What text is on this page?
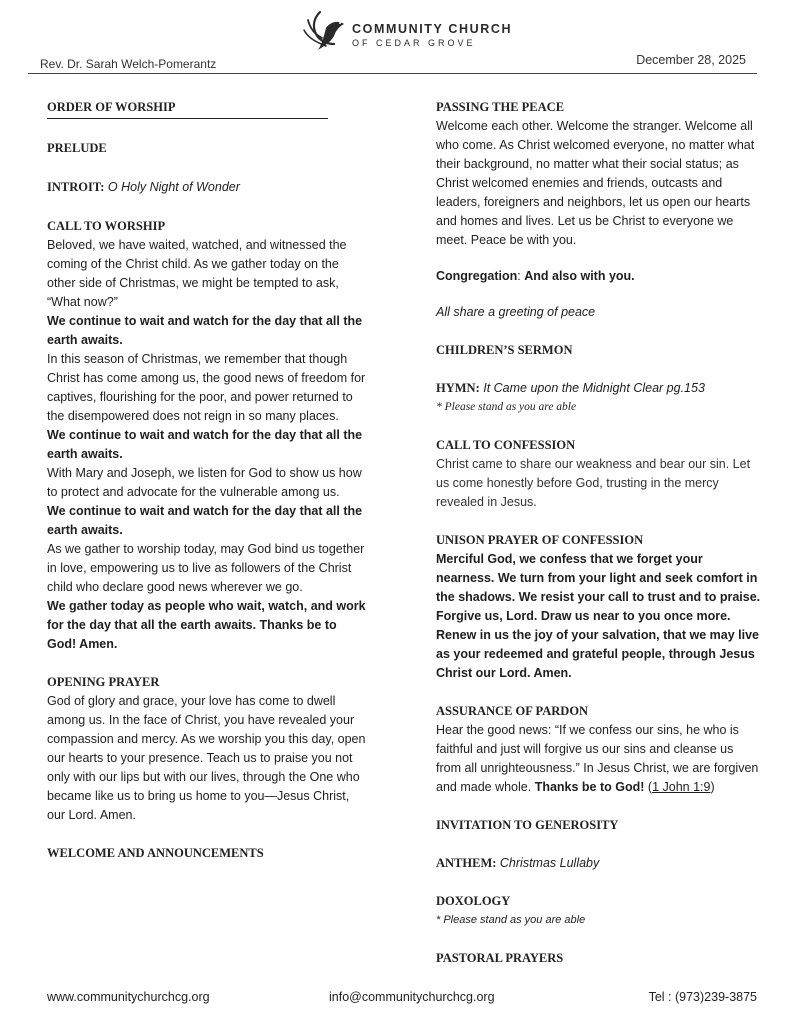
COMMUNITY CHURCH
OF CEDAR GROVE
Rev. Dr. Sarah Welch-Pomerantz	December 28, 2025
ORDER OF WORSHIP
PRELUDE

INTROIT: O Holy Night of Wonder

CALL TO WORSHIP

Beloved, we have waited, watched, and witnessed the coming of the Christ child. As we gather today on the other side of Christmas, we might be tempted to ask, “What now?”

We continue to wait and watch for the day that all the earth awaits.

In this season of Christmas, we remember that though Christ has come among us, the good news of freedom for captives, flourishing for the poor, and power returned to the disempowered does not reign in so many places.

We continue to wait and watch for the day that all the earth awaits.

With Mary and Joseph, we listen for God to show us how to protect and advocate for the vulnerable among us.

We continue to wait and watch for the day that all the earth awaits.

As we gather to worship today, may God bind us together in love, empowering us to live as followers of the Christ child who declare good news wherever we go.

We gather today as people who wait, watch, and work for the day that all the earth awaits. Thanks be to God! Amen.

OPENING PRAYER

God of glory and grace, your love has come to dwell among us. In the face of Christ, you have revealed your compassion and mercy. As we worship you this day, open our hearts to your presence. Teach us to praise you not only with our lips but with our lives, through the One who became like us to bring us home to you—Jesus Christ, our Lord. Amen.

WELCOME AND ANNOUNCEMENTS
PASSING THE PEACE

Welcome each other. Welcome the stranger. Welcome all who come. As Christ welcomed everyone, no matter what their background, no matter what their social status; as Christ welcomed enemies and friends, outcasts and leaders, foreigners and neighbors, let us open our hearts and homes and lives. Let us be Christ to everyone we meet. Peace be with you.

Congregation: And also with you.

All share a greeting of peace

CHILDREN’S SERMON

HYMN: It Came upon the Midnight Clear pg.153

* Please stand as you are able

CALL TO CONFESSION

Christ came to share our weakness and bear our sin. Let us come honestly before God, trusting in the mercy revealed in Jesus.

UNISON PRAYER OF CONFESSION

Merciful God, we confess that we forget your nearness. We turn from your light and seek comfort in the shadows. We resist your call to trust and to praise. Forgive us, Lord. Draw us near to you once more. Renew in us the joy of your salvation, that we may live as your redeemed and grateful people, through Jesus Christ our Lord. Amen.

ASSURANCE OF PARDON

Hear the good news: “If we confess our sins, he who is faithful and just will forgive us our sins and cleanse us from all unrighteousness.” In Jesus Christ, we are forgiven and made whole. Thanks be to God! (1 John 1:9)

INVITATION TO GENEROSITY

ANTHEM: Christmas Lullaby

DOXOLOGY

* Please stand as you are able

PASTORAL PRAYERS
www.communitychurchcg.org	info@communitychurchcg.org	Tel : (973)239-3875
